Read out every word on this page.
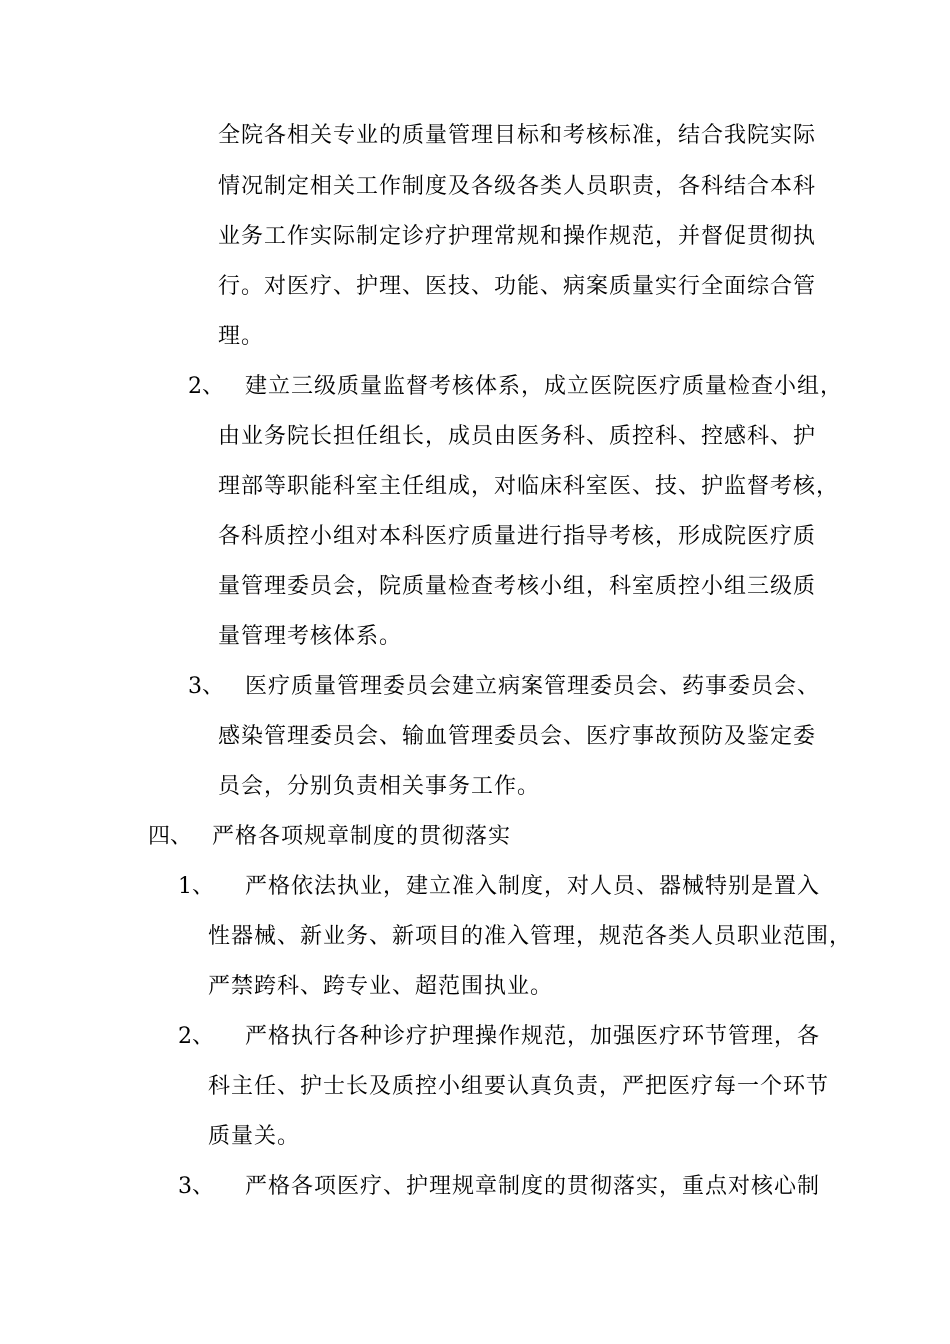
全院各相关专业的质量管理目标和考核标准，结合我院实际
情况制定相关工作制度及各级各类人员职责，各科结合本科
业务工作实际制定诊疗护理常规和操作规范，并督促贯彻执
行。对医疗、护理、医技、功能、病案质量实行全面综合管
理。
2、 建立三级质量监督考核体系，成立医院医疗质量检查小组，
由业务院长担任组长，成员由医务科、质控科、控感科、护
理部等职能科室主任组成，对临床科室医、技、护监督考核，
各科质控小组对本科医疗质量进行指导考核，形成院医疗质
量管理委员会，院质量检查考核小组，科室质控小组三级质
量管理考核体系。
3、 医疗质量管理委员会建立病案管理委员会、药事委员会、
感染管理委员会、输血管理委员会、医疗事故预防及鉴定委
员会，分别负责相关事务工作。
四、 严格各项规章制度的贯彻落实
1、 严格依法执业，建立准入制度，对人员、器械特别是置入
性器械、新业务、新项目的准入管理，规范各类人员职业范围，
严禁跨科、跨专业、超范围执业。
2、 严格执行各种诊疗护理操作规范，加强医疗环节管理，各
科主任、护士长及质控小组要认真负责，严把医疗每一个环节
质量关。
3、 严格各项医疗、护理规章制度的贯彻落实，重点对核心制
